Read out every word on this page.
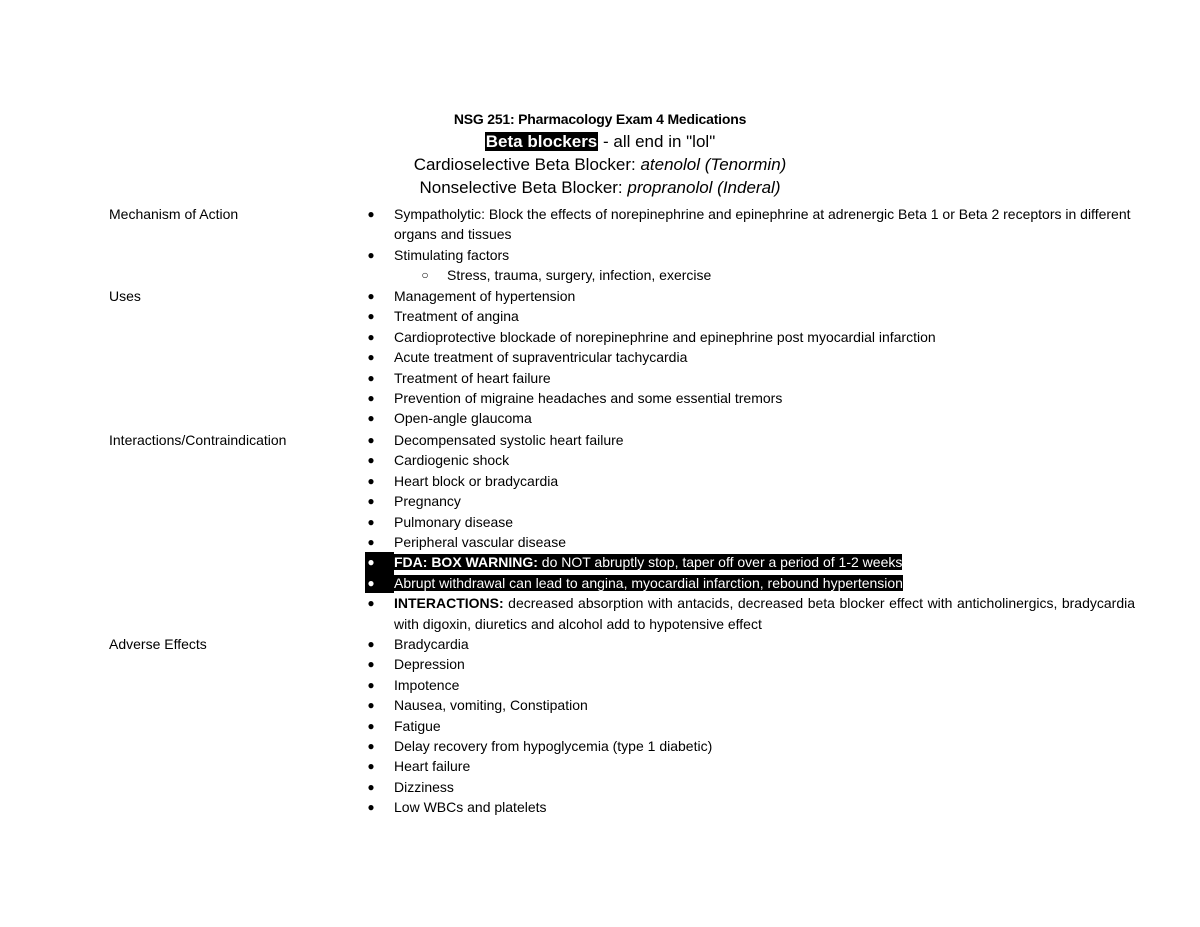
NSG 251: Pharmacology Exam 4 Medications
Beta blockers - all end in "lol"
Cardioselective Beta Blocker: atenolol (Tenormin)
Nonselective Beta Blocker: propranolol (Inderal)
Mechanism of Action	● Sympatholytic: Block the effects of norepinephrine and epinephrine at adrenergic Beta 1 or Beta 2 receptors in different organs and tissues
● Stimulating factors
○ Stress, trauma, surgery, infection, exercise
Uses	● Management of hypertension
● Treatment of angina
● Cardioprotective blockade of norepinephrine and epinephrine post myocardial infarction
● Acute treatment of supraventricular tachycardia
● Treatment of heart failure
● Prevention of migraine headaches and some essential tremors
● Open-angle glaucoma
Interactions/Contraindication	● Decompensated systolic heart failure
● Cardiogenic shock
● Heart block or bradycardia
● Pregnancy
● Pulmonary disease
● Peripheral vascular disease
● FDA: BOX WARNING: do NOT abruptly stop, taper off over a period of 1-2 weeks
● Abrupt withdrawal can lead to angina, myocardial infarction, rebound hypertension
● INTERACTIONS: decreased absorption with antacids, decreased beta blocker effect with anticholinergics, bradycardia with digoxin, diuretics and alcohol add to hypotensive effect
Adverse Effects	● Bradycardia
● Depression
● Impotence
● Nausea, vomiting, Constipation
● Fatigue
● Delay recovery from hypoglycemia (type 1 diabetic)
● Heart failure
● Dizziness
● Low WBCs and platelets
